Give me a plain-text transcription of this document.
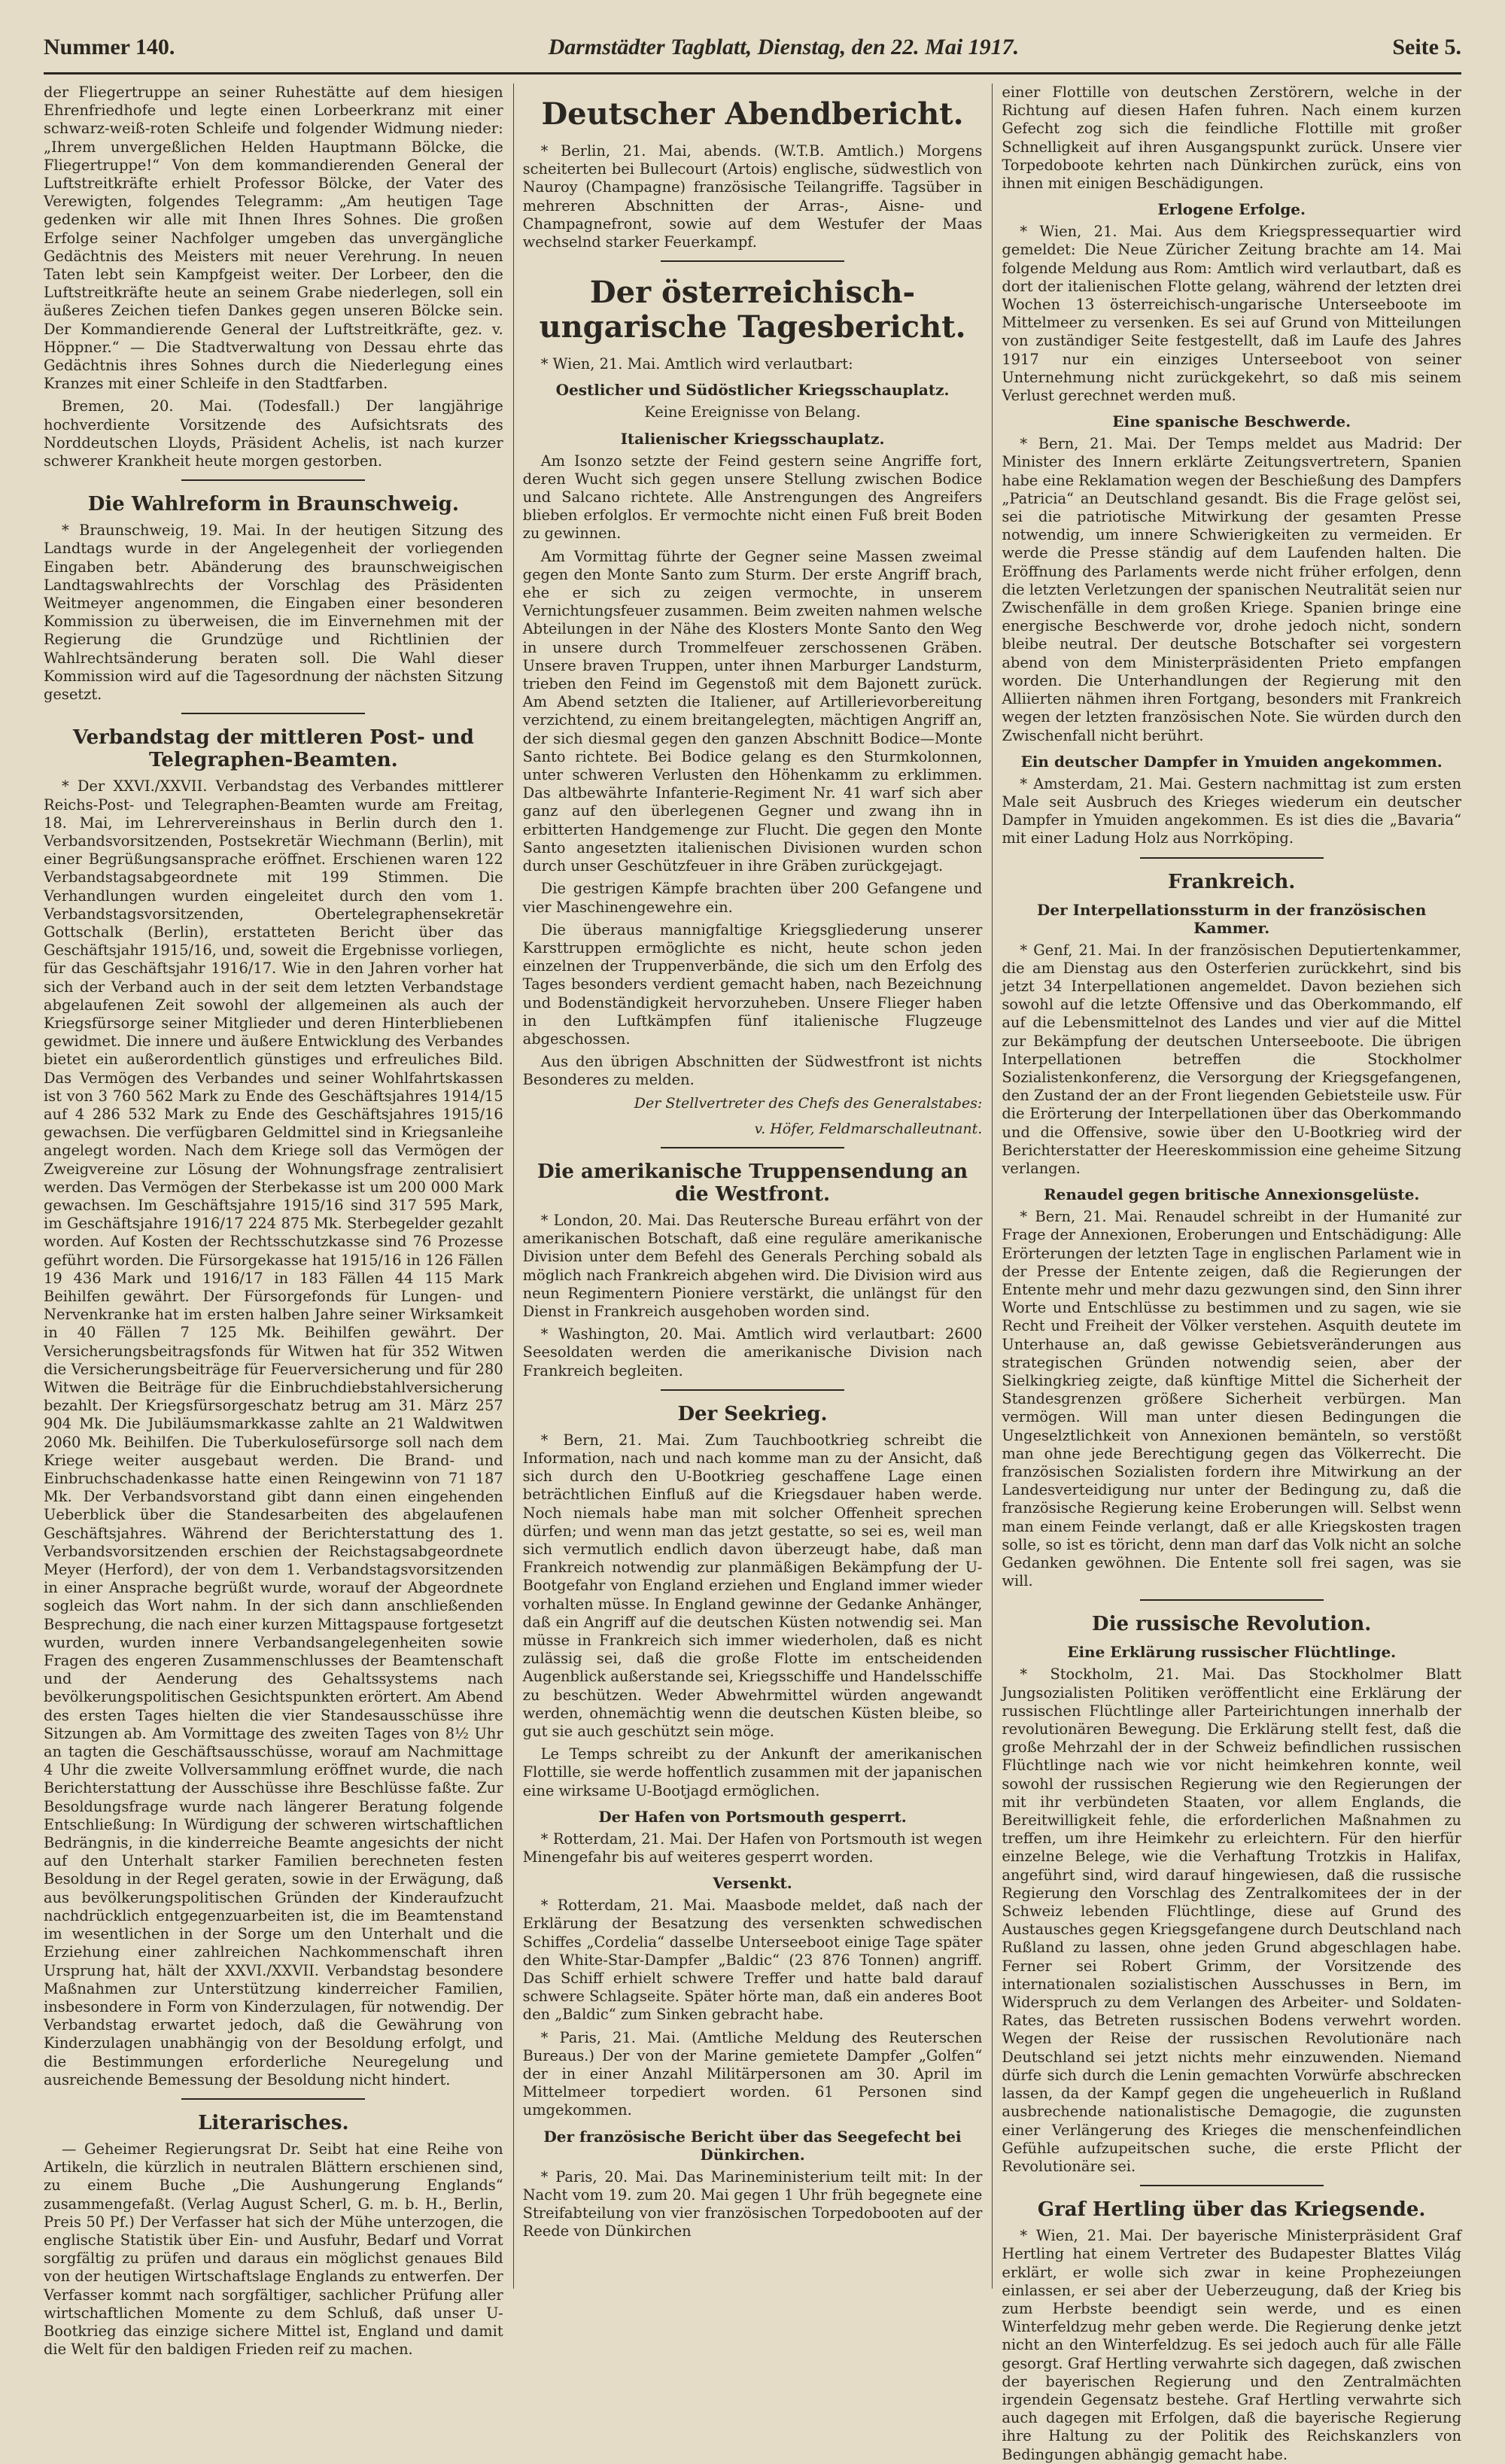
Nummer 140.	Darmstädter Tagblatt, Dienstag, den 22. Mai 1917.	Seite 5.

der Fliegertruppe an seiner Ruhestätte auf dem hiesigen Ehrenfriedhofe und legte einen Lorbeerkranz mit einer schwarz-weiß-roten Schleife und folgender Widmung nieder: „Ihrem unvergeßlichen Helden Hauptmann Bölcke, die Fliegertruppe!“ Von dem kommandierenden General der Luftstreitkräfte erhielt Professor Bölcke, der Vater des Verewigten, folgendes Telegramm: „Am heutigen Tage gedenken wir alle mit Ihnen Ihres Sohnes. Die großen Erfolge seiner Nachfolger umgeben das unvergängliche Gedächtnis des Meisters mit neuer Verehrung. In neuen Taten lebt sein Kampfgeist weiter. Der Lorbeer, den die Luftstreitkräfte heute an seinem Grabe niederlegen, soll ein äußeres Zeichen tiefen Dankes gegen unseren Bölcke sein. Der Kommandierende General der Luftstreitkräfte, gez. v. Höppner.“ — Die Stadtverwaltung von Dessau ehrte das Gedächtnis ihres Sohnes durch die Niederlegung eines Kranzes mit einer Schleife in den Stadtfarben.

Bremen, 20. Mai. (Todesfall.) Der langjährige hochverdiente Vorsitzende des Aufsichtsrats des Norddeutschen Lloyds, Präsident Achelis, ist nach kurzer schwerer Krankheit heute morgen gestorben.

Die Wahlreform in Braunschweig.

* Braunschweig, 19. Mai. In der heutigen Sitzung des Landtags wurde in der Angelegenheit der vorliegenden Eingaben betr. Abänderung des braunschweigischen Landtagswahlrechts der Vorschlag des Präsidenten Weitmeyer angenommen, die Eingaben einer besonderen Kommission zu überweisen, die im Einvernehmen mit der Regierung die Grundzüge und Richtlinien der Wahlrechtsänderung beraten soll. Die Wahl dieser Kommission wird auf die Tagesordnung der nächsten Sitzung gesetzt.

Verbandstag der mittleren Post- und Telegraphen-Beamten.

* Der XXVI./XXVII. Verbandstag des Verbandes mittlerer Reichs-Post- und Telegraphen-Beamten wurde am Freitag, 18. Mai, im Lehrervereinshaus in Berlin durch den 1. Verbandsvorsitzenden, Postsekretär Wiechmann (Berlin), mit einer Begrüßungsansprache eröffnet. Erschienen waren 122 Verbandstagsabgeordnete mit 199 Stimmen. Die Verhandlungen wurden eingeleitet durch den vom 1. Verbandstagsvorsitzenden, Obertelegraphensekretär Gottschalk (Berlin), erstatteten Bericht über das Geschäftsjahr 1915/16, und, soweit die Ergebnisse vorliegen, für das Geschäftsjahr 1916/17. Wie in den Jahren vorher hat sich der Verband auch in der seit dem letzten Verbandstage abgelaufenen Zeit sowohl der allgemeinen als auch der Kriegsfürsorge seiner Mitglieder und deren Hinterbliebenen gewidmet. Die innere und äußere Entwicklung des Verbandes bietet ein außerordentlich günstiges und erfreuliches Bild. Das Vermögen des Verbandes und seiner Wohlfahrtskassen ist von 3 760 562 Mark zu Ende des Geschäftsjahres 1914/15 auf 4 286 532 Mark zu Ende des Geschäftsjahres 1915/16 gewachsen. Die verfügbaren Geldmittel sind in Kriegsanleihe angelegt worden. Nach dem Kriege soll das Vermögen der Zweigvereine zur Lösung der Wohnungsfrage zentralisiert werden. Das Vermögen der Sterbekasse ist um 200 000 Mark gewachsen. Im Geschäftsjahre 1915/16 sind 317 595 Mark, im Geschäftsjahre 1916/17 224 875 Mk. Sterbegelder gezahlt worden. Auf Kosten der Rechtsschutzkasse sind 76 Prozesse geführt worden. Die Fürsorgekasse hat 1915/16 in 126 Fällen 19 436 Mark und 1916/17 in 183 Fällen 44 115 Mark Beihilfen gewährt. Der Fürsorgefonds für Lungen- und Nervenkranke hat im ersten halben Jahre seiner Wirksamkeit in 40 Fällen 7 125 Mk. Beihilfen gewährt. Der Versicherungsbeitragsfonds für Witwen hat für 352 Witwen die Versicherungsbeiträge für Feuerversicherung und für 280 Witwen die Beiträge für die Einbruchdiebstahlversicherung bezahlt. Der Kriegsfürsorgeschatz betrug am 31. März 257 904 Mk. Die Jubiläumsmarkkasse zahlte an 21 Waldwitwen 2060 Mk. Beihilfen. Die Tuberkulosefürsorge soll nach dem Kriege weiter ausgebaut werden. Die Brand- und Einbruchschadenkasse hatte einen Reingewinn von 71 187 Mk. Der Verbandsvorstand gibt dann einen eingehenden Ueberblick über die Standesarbeiten des abgelaufenen Geschäftsjahres. Während der Berichterstattung des 1. Verbandsvorsitzenden erschien der Reichstagsabgeordnete Meyer (Herford), der von dem 1. Verbandstagsvorsitzenden in einer Ansprache begrüßt wurde, worauf der Abgeordnete sogleich das Wort nahm. In der sich dann anschließenden Besprechung, die nach einer kurzen Mittagspause fortgesetzt wurden, wurden innere Verbandsangelegenheiten sowie Fragen des engeren Zusammenschlusses der Beamtenschaft und der Aenderung des Gehaltssystems nach bevölkerungspolitischen Gesichtspunkten erörtert. Am Abend des ersten Tages hielten die vier Standesausschüsse ihre Sitzungen ab. Am Vormittage des zweiten Tages von 8½ Uhr an tagten die Geschäftsausschüsse, worauf am Nachmittage 4 Uhr die zweite Vollversammlung eröffnet wurde, die nach Berichterstattung der Ausschüsse ihre Beschlüsse faßte. Zur Besoldungsfrage wurde nach längerer Beratung folgende Entschließung: In Würdigung der schweren wirtschaftlichen Bedrängnis, in die kinderreiche Beamte angesichts der nicht auf den Unterhalt starker Familien berechneten festen Besoldung in der Regel geraten, sowie in der Erwägung, daß aus bevölkerungspolitischen Gründen der Kinderaufzucht nachdrücklich entgegenzuarbeiten ist, die im Beamtenstand im wesentlichen in der Sorge um den Unterhalt und die Erziehung einer zahlreichen Nachkommenschaft ihren Ursprung hat, hält der XXVI./XXVII. Verbandstag besondere Maßnahmen zur Unterstützung kinderreicher Familien, insbesondere in Form von Kinderzulagen, für notwendig. Der Verbandstag erwartet jedoch, daß die Gewährung von Kinderzulagen unabhängig von der Besoldung erfolgt, und die Bestimmungen erforderliche Neuregelung und ausreichende Bemessung der Besoldung nicht hindert.

Literarisches.

— Geheimer Regierungsrat Dr. Seibt hat eine Reihe von Artikeln, die kürzlich in neutralen Blättern erschienen sind, zu einem Buche „Die Aushungerung Englands“ zusammengefaßt. (Verlag August Scherl, G. m. b. H., Berlin, Preis 50 Pf.) Der Verfasser hat sich der Mühe unterzogen, die englische Statistik über Ein- und Ausfuhr, Bedarf und Vorrat sorgfältig zu prüfen und daraus ein möglichst genaues Bild von der heutigen Wirtschaftslage Englands zu entwerfen. Der Verfasser kommt nach sorgfältiger, sachlicher Prüfung aller wirtschaftlichen Momente zu dem Schluß, daß unser U-Bootkrieg das einzige sichere Mittel ist, England und damit die Welt für den baldigen Frieden reif zu machen.

Deutscher Abendbericht.

* Berlin, 21. Mai, abends. (W.T.B. Amtlich.) Morgens scheiterten bei Bullecourt (Artois) englische, südwestlich von Nauroy (Champagne) französische Teilangriffe. Tagsüber in mehreren Abschnitten der Arras-, Aisne- und Champagnefront, sowie auf dem Westufer der Maas wechselnd starker Feuerkampf.

Der österreichisch-ungarische Tagesbericht.

* Wien, 21. Mai. Amtlich wird verlautbart:

Oestlicher und Südöstlicher Kriegsschauplatz.

Keine Ereignisse von Belang.

Italienischer Kriegsschauplatz.

Am Isonzo setzte der Feind gestern seine Angriffe fort, deren Wucht sich gegen unsere Stellung zwischen Bodice und Salcano richtete. Alle Anstrengungen des Angreifers blieben erfolglos. Er vermochte nicht einen Fuß breit Boden zu gewinnen.

Am Vormittag führte der Gegner seine Massen zweimal gegen den Monte Santo zum Sturm. Der erste Angriff brach, ehe er sich zu zeigen vermochte, in unserem Vernichtungsfeuer zusammen. Beim zweiten nahmen welsche Abteilungen in der Nähe des Klosters Monte Santo den Weg in unsere durch Trommelfeuer zerschossenen Gräben. Unsere braven Truppen, unter ihnen Marburger Landsturm, trieben den Feind im Gegenstoß mit dem Bajonett zurück. Am Abend setzten die Italiener, auf Artillerievorbereitung verzichtend, zu einem breitangelegten, mächtigen Angriff an, der sich diesmal gegen den ganzen Abschnitt Bodice—Monte Santo richtete. Bei Bodice gelang es den Sturmkolonnen, unter schweren Verlusten den Höhenkamm zu erklimmen. Das altbewährte Infanterie-Regiment Nr. 41 warf sich aber ganz auf den überlegenen Gegner und zwang ihn in erbitterten Handgemenge zur Flucht. Die gegen den Monte Santo angesetzten italienischen Divisionen wurden schon durch unser Geschützfeuer in ihre Gräben zurückgejagt.

Die gestrigen Kämpfe brachten über 200 Gefangene und vier Maschinengewehre ein.

Die überaus mannigfaltige Kriegsgliederung unserer Karsttruppen ermöglichte es nicht, heute schon jeden einzelnen der Truppenverbände, die sich um den Erfolg des Tages besonders verdient gemacht haben, nach Bezeichnung und Bodenständigkeit hervorzuheben. Unsere Flieger haben in den Luftkämpfen fünf italienische Flugzeuge abgeschossen.

Aus den übrigen Abschnitten der Südwestfront ist nichts Besonderes zu melden.

Der Stellvertreter des Chefs des Generalstabes:

v. Höfer, Feldmarschalleutnant.

Die amerikanische Truppensendung an die Westfront.

* London, 20. Mai. Das Reutersche Bureau erfährt von der amerikanischen Botschaft, daß eine reguläre amerikanische Division unter dem Befehl des Generals Perching sobald als möglich nach Frankreich abgehen wird. Die Division wird aus neun Regimentern Pioniere verstärkt, die unlängst für den Dienst in Frankreich ausgehoben worden sind.

* Washington, 20. Mai. Amtlich wird verlautbart: 2600 Seesoldaten werden die amerikanische Division nach Frankreich begleiten.

Der Seekrieg.

* Bern, 21. Mai. Zum Tauchbootkrieg schreibt die Information, nach und nach komme man zu der Ansicht, daß sich durch den U-Bootkrieg geschaffene Lage einen beträchtlichen Einfluß auf die Kriegsdauer haben werde. Noch niemals habe man mit solcher Offenheit sprechen dürfen; und wenn man das jetzt gestatte, so sei es, weil man sich vermutlich endlich davon überzeugt habe, daß man Frankreich notwendig zur planmäßigen Bekämpfung der U-Bootgefahr von England erziehen und England immer wieder vorhalten müsse. In England gewinne der Gedanke Anhänger, daß ein Angriff auf die deutschen Küsten notwendig sei. Man müsse in Frankreich sich immer wiederholen, daß es nicht zulässig sei, daß die große Flotte im entscheidenden Augenblick außerstande sei, Kriegsschiffe und Handelsschiffe zu beschützen. Weder Abwehrmittel würden angewandt werden, ohnemächtig wenn die deutschen Küsten bleibe, so gut sie auch geschützt sein möge.

Le Temps schreibt zu der Ankunft der amerikanischen Flottille, sie werde hoffentlich zusammen mit der japanischen eine wirksame U-Bootjagd ermöglichen.

Der Hafen von Portsmouth gesperrt.

* Rotterdam, 21. Mai. Der Hafen von Portsmouth ist wegen Minengefahr bis auf weiteres gesperrt worden.

Versenkt.

* Rotterdam, 21. Mai. Maasbode meldet, daß nach der Erklärung der Besatzung des versenkten schwedischen Schiffes „Cordelia“ dasselbe Unterseeboot einige Tage später den White-Star-Dampfer „Baldic“ (23 876 Tonnen) angriff. Das Schiff erhielt schwere Treffer und hatte bald darauf schwere Schlagseite. Später hörte man, daß ein anderes Boot den „Baldic“ zum Sinken gebracht habe.

* Paris, 21. Mai. (Amtliche Meldung des Reuterschen Bureaus.) Der von der Marine gemietete Dampfer „Golfen“ der in einer Anzahl Militärpersonen am 30. April im Mittelmeer torpediert worden. 61 Personen sind umgekommen.

Der französische Bericht über das Seegefecht bei Dünkirchen.

* Paris, 20. Mai. Das Marineministerium teilt mit: In der Nacht vom 19. zum 20. Mai gegen 1 Uhr früh begegnete eine Streifabteilung von vier französischen Torpedobooten auf der Reede von Dünkirchen

einer Flottille von deutschen Zerstörern, welche in der Richtung auf diesen Hafen fuhren. Nach einem kurzen Gefecht zog sich die feindliche Flottille mit großer Schnelligkeit auf ihren Ausgangspunkt zurück. Unsere vier Torpedoboote kehrten nach Dünkirchen zurück, eins von ihnen mit einigen Beschädigungen.

Erlogene Erfolge.

* Wien, 21. Mai. Aus dem Kriegspressequartier wird gemeldet: Die Neue Züricher Zeitung brachte am 14. Mai folgende Meldung aus Rom: Amtlich wird verlautbart, daß es dort der italienischen Flotte gelang, während der letzten drei Wochen 13 österreichisch-ungarische Unterseeboote im Mittelmeer zu versenken. Es sei auf Grund von Mitteilungen von zuständiger Seite festgestellt, daß im Laufe des Jahres 1917 nur ein einziges Unterseeboot von seiner Unternehmung nicht zurückgekehrt, so daß mis seinem Verlust gerechnet werden muß.

Eine spanische Beschwerde.

* Bern, 21. Mai. Der Temps meldet aus Madrid: Der Minister des Innern erklärte Zeitungsvertretern, Spanien habe eine Reklamation wegen der Beschießung des Dampfers „Patricia“ an Deutschland gesandt. Bis die Frage gelöst sei, sei die patriotische Mitwirkung der gesamten Presse notwendig, um innere Schwierigkeiten zu vermeiden. Er werde die Presse ständig auf dem Laufenden halten. Die Eröffnung des Parlaments werde nicht früher erfolgen, denn die letzten Verletzungen der spanischen Neutralität seien nur Zwischenfälle in dem großen Kriege. Spanien bringe eine energische Beschwerde vor, drohe jedoch nicht, sondern bleibe neutral. Der deutsche Botschafter sei vorgestern abend von dem Ministerpräsidenten Prieto empfangen worden. Die Unterhandlungen der Regierung mit den Alliierten nähmen ihren Fortgang, besonders mit Frankreich wegen der letzten französischen Note. Sie würden durch den Zwischenfall nicht berührt.

Ein deutscher Dampfer in Ymuiden angekommen.

* Amsterdam, 21. Mai. Gestern nachmittag ist zum ersten Male seit Ausbruch des Krieges wiederum ein deutscher Dampfer in Ymuiden angekommen. Es ist dies die „Bavaria“ mit einer Ladung Holz aus Norrköping.

Frankreich.
Der Interpellationssturm in der französischen Kammer.

* Genf, 21. Mai. In der französischen Deputiertenkammer, die am Dienstag aus den Osterferien zurückkehrt, sind bis jetzt 34 Interpellationen angemeldet. Davon beziehen sich sowohl auf die letzte Offensive und das Oberkommando, elf auf die Lebensmittelnot des Landes und vier auf die Mittel zur Bekämpfung der deutschen Unterseeboote. Die übrigen Interpellationen betreffen die Stockholmer Sozialistenkonferenz, die Versorgung der Kriegsgefangenen, den Zustand der an der Front liegenden Gebietsteile usw. Für die Erörterung der Interpellationen über das Oberkommando und die Offensive, sowie über den U-Bootkrieg wird der Berichterstatter der Heereskommission eine geheime Sitzung verlangen.

Renaudel gegen britische Annexionsgelüste.

* Bern, 21. Mai. Renaudel schreibt in der Humanité zur Frage der Annexionen, Eroberungen und Entschädigung: Alle Erörterungen der letzten Tage in englischen Parlament wie in der Presse der Entente zeigen, daß die Regierungen der Entente mehr und mehr dazu gezwungen sind, den Sinn ihrer Worte und Entschlüsse zu bestimmen und zu sagen, wie sie Recht und Freiheit der Völker verstehen. Asquith deutete im Unterhause an, daß gewisse Gebietsveränderungen aus strategischen Gründen notwendig seien, aber der Sielkingkrieg zeigte, daß künftige Mittel die Sicherheit der Standesgrenzen größere Sicherheit verbürgen. Man vermögen. Will man unter diesen Bedingungen die Ungeselztlichkeit von Annexionen bemänteln, so verstößt man ohne jede Berechtigung gegen das Völkerrecht. Die französischen Sozialisten fordern ihre Mitwirkung an der Landesverteidigung nur unter der Bedingung zu, daß die französische Regierung keine Eroberungen will. Selbst wenn man einem Feinde verlangt, daß er alle Kriegskosten tragen solle, so ist es töricht, denn man darf das Volk nicht an solche Gedanken gewöhnen. Die Entente soll frei sagen, was sie will.

Die russische Revolution.
Eine Erklärung russischer Flüchtlinge.

* Stockholm, 21. Mai. Das Stockholmer Blatt Jungsozialisten Politiken veröffentlicht eine Erklärung der russischen Flüchtlinge aller Parteirichtungen innerhalb der revolutionären Bewegung. Die Erklärung stellt fest, daß die große Mehrzahl der in der Schweiz befindlichen russischen Flüchtlinge nach wie vor nicht heimkehren konnte, weil sowohl der russischen Regierung wie den Regierungen der mit ihr verbündeten Staaten, vor allem Englands, die Bereitwilligkeit fehle, die erforderlichen Maßnahmen zu treffen, um ihre Heimkehr zu erleichtern. Für den hierfür einzelne Belege, wie die Verhaftung Trotzkis in Halifax, angeführt sind, wird darauf hingewiesen, daß die russische Regierung den Vorschlag des Zentralkomitees der in der Schweiz lebenden Flüchtlinge, diese auf Grund des Austausches gegen Kriegsgefangene durch Deutschland nach Rußland zu lassen, ohne jeden Grund abgeschlagen habe. Ferner sei Robert Grimm, der Vorsitzende des internationalen sozialistischen Ausschusses in Bern, im Widerspruch zu dem Verlangen des Arbeiter- und Soldaten-Rates, das Betreten russischen Bodens verwehrt worden. Wegen der Reise der russischen Revolutionäre nach Deutschland sei jetzt nichts mehr einzuwenden. Niemand dürfe sich durch die Lenin gemachten Vorwürfe abschrecken lassen, da der Kampf gegen die ungeheuerlich in Rußland ausbrechende nationalistische Demagogie, die zugunsten einer Verlängerung des Krieges die menschenfeindlichen Gefühle aufzupeitschen suche, die erste Pflicht der Revolutionäre sei.

Graf Hertling über das Kriegsende.

* Wien, 21. Mai. Der bayerische Ministerpräsident Graf Hertling hat einem Vertreter des Budapester Blattes Világ erklärt, er wolle sich zwar in keine Prophezeiungen einlassen, er sei aber der Ueberzeugung, daß der Krieg bis zum Herbste beendigt sein werde, und es einen Winterfeldzug mehr geben werde. Die Regierung denke jetzt nicht an den Winterfeldzug. Es sei jedoch auch für alle Fälle gesorgt. Graf Hertling verwahrte sich dagegen, daß zwischen der bayerischen Regierung und den Zentralmächten irgendein Gegensatz bestehe. Graf Hertling verwahrte sich auch dagegen mit Erfolgen, daß die bayerische Regierung ihre Haltung zu der Politik des Reichskanzlers von Bedingungen abhängig gemacht habe.
